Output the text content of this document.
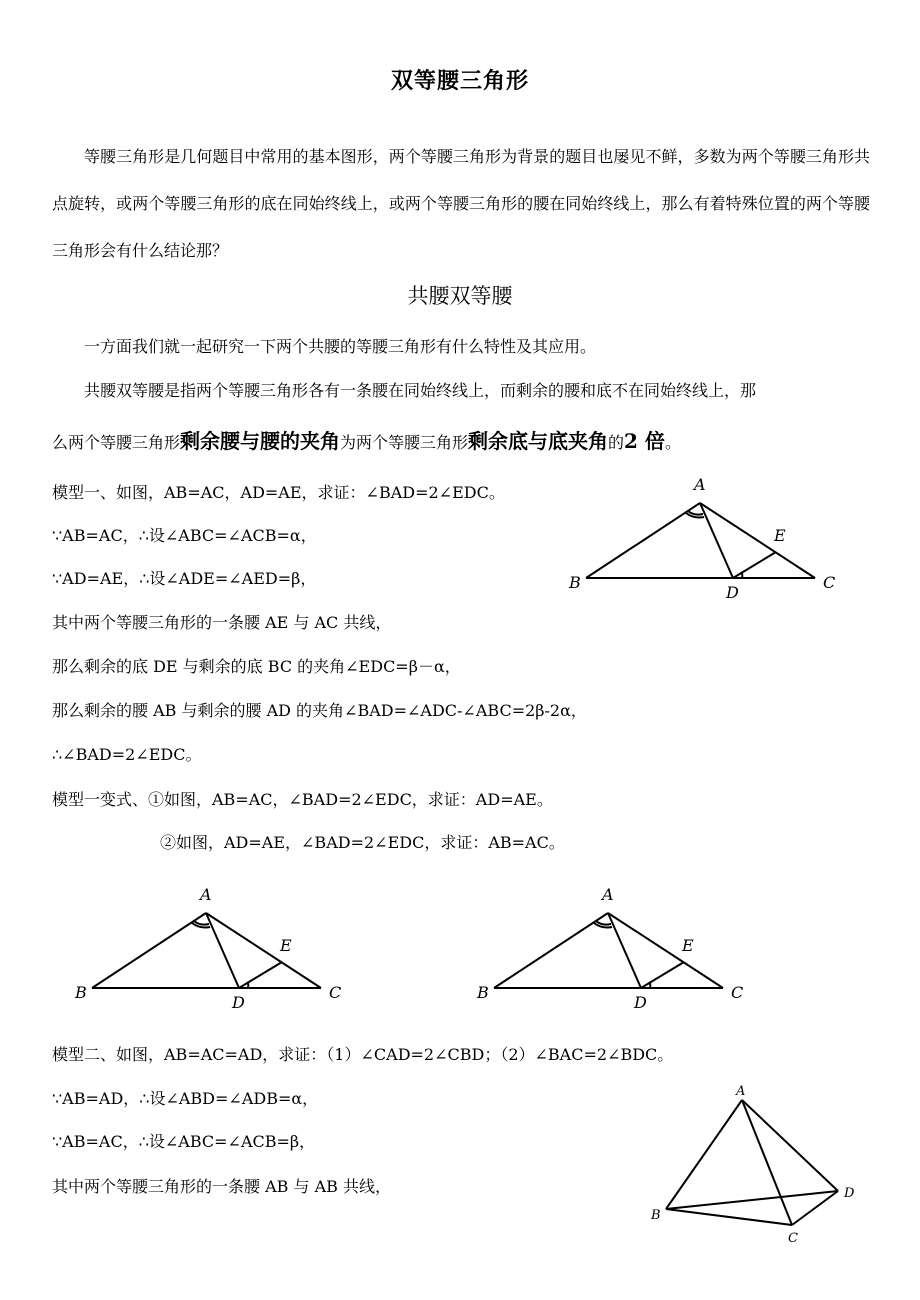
双等腰三角形
等腰三角形是几何题目中常用的基本图形，两个等腰三角形为背景的题目也屡见不鲜，多数为两个等腰三角形共点旋转，或两个等腰三角形的底在同始终线上，或两个等腰三角形的腰在同始终线上，那么有着特殊位置的两个等腰三角形会有什么结论那？
共腰双等腰
一方面我们就一起研究一下两个共腰的等腰三角形有什么特性及其应用。
共腰双等腰是指两个等腰三角形各有一条腰在同始终线上，而剩余的腰和底不在同始终线上，那
么两个等腰三角形剩余腰与腰的夹角为两个等腰三角形剩余底与底夹角的2 倍。
模型一、如图，AB=AC，AD=AE，求证：∠BAD=2∠EDC。
∵AB=AC，∴设∠ABC=∠ACB=α，
∵AD=AE，∴设∠ADE=∠AED=β，
其中两个等腰三角形的一条腰 AE 与 AC 共线，
那么剩余的底 DE 与剩余的底 BC 的夹角∠EDC=β－α，
那么剩余的腰 AB 与剩余的腰 AD 的夹角∠BAD=∠ADC-∠ABC=2β-2α，
∴∠BAD=2∠EDC。
模型一变式、①如图，AB=AC，∠BAD=2∠EDC，求证：AD=AE。
②如图，AD=AE，∠BAD=2∠EDC，求证：AB=AC。
模型二、如图，AB=AC=AD，求证：（1）∠CAD=2∠CBD；（2）∠BAC=2∠BDC。
∵AB=AD，∴设∠ABD=∠ADB=α，
∵AB=AC，∴设∠ABC=∠ACB=β，
其中两个等腰三角形的一条腰 AB 与 AB 共线，
A
B	C
D
E
A
B	C
D
E
A
B	C
D
E
A
B
C
D
